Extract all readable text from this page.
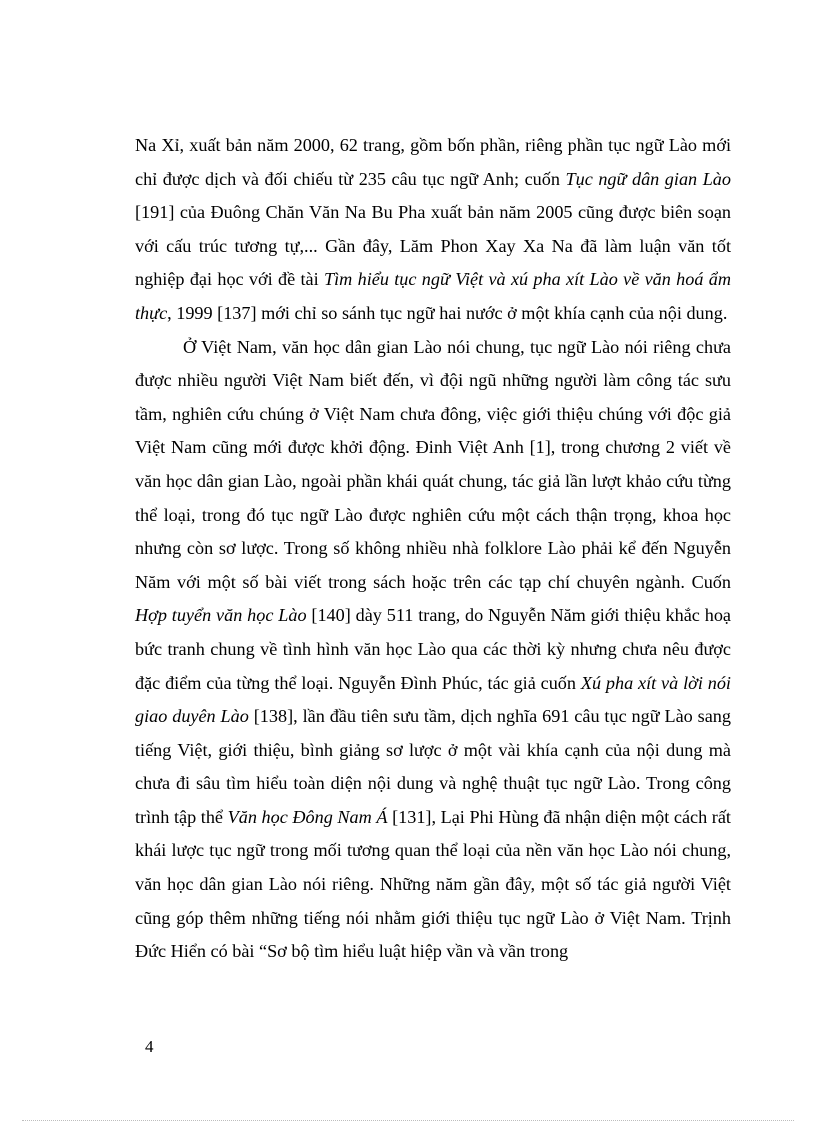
Na Xỉ, xuất bản năm 2000, 62 trang, gồm bốn phần, riêng phần tục ngữ Lào mới chỉ được dịch và đối chiếu từ 235 câu tục ngữ Anh; cuốn Tục ngữ dân gian Lào [191] của Đuông Chăn Văn Na Bu Pha xuất bản năm 2005 cũng được biên soạn với cấu trúc tương tự,... Gần đây, Lăm Phon Xay Xa Na đã làm luận văn tốt nghiệp đại học với đề tài Tìm hiểu tục ngữ Việt và xú pha xít Lào về văn hoá ẩm thực, 1999 [137] mới chỉ so sánh tục ngữ hai nước ở một khía cạnh của nội dung.

Ở Việt Nam, văn học dân gian Lào nói chung, tục ngữ Lào nói riêng chưa được nhiều người Việt Nam biết đến, vì đội ngũ những người làm công tác sưu tầm, nghiên cứu chúng ở Việt Nam chưa đông, việc giới thiệu chúng với độc giả Việt Nam cũng mới được khởi động. Đinh Việt Anh [1], trong chương 2 viết về văn học dân gian Lào, ngoài phần khái quát chung, tác giả lần lượt khảo cứu từng thể loại, trong đó tục ngữ Lào được nghiên cứu một cách thận trọng, khoa học nhưng còn sơ lược. Trong số không nhiều nhà folklore Lào phải kể đến Nguyễn Năm với một số bài viết trong sách hoặc trên các tạp chí chuyên ngành. Cuốn Hợp tuyển văn học Lào [140] dày 511 trang, do Nguyễn Năm giới thiệu khắc hoạ bức tranh chung về tình hình văn học Lào qua các thời kỳ nhưng chưa nêu được đặc điểm của từng thể loại. Nguyễn Đình Phúc, tác giả cuốn Xú pha xít và lời nói giao duyên Lào [138], lần đầu tiên sưu tầm, dịch nghĩa 691 câu tục ngữ Lào sang tiếng Việt, giới thiệu, bình giảng sơ lược ở một vài khía cạnh của nội dung mà chưa đi sâu tìm hiểu toàn diện nội dung và nghệ thuật tục ngữ Lào. Trong công trình tập thể Văn học Đông Nam Á [131], Lại Phi Hùng đã nhận diện một cách rất khái lược tục ngữ trong mối tương quan thể loại của nền văn học Lào nói chung, văn học dân gian Lào nói riêng. Những năm gần đây, một số tác giả người Việt cũng góp thêm những tiếng nói nhằm giới thiệu tục ngữ Lào ở Việt Nam. Trịnh Đức Hiển có bài “Sơ bộ tìm hiểu luật hiệp vần và vần trong

4
